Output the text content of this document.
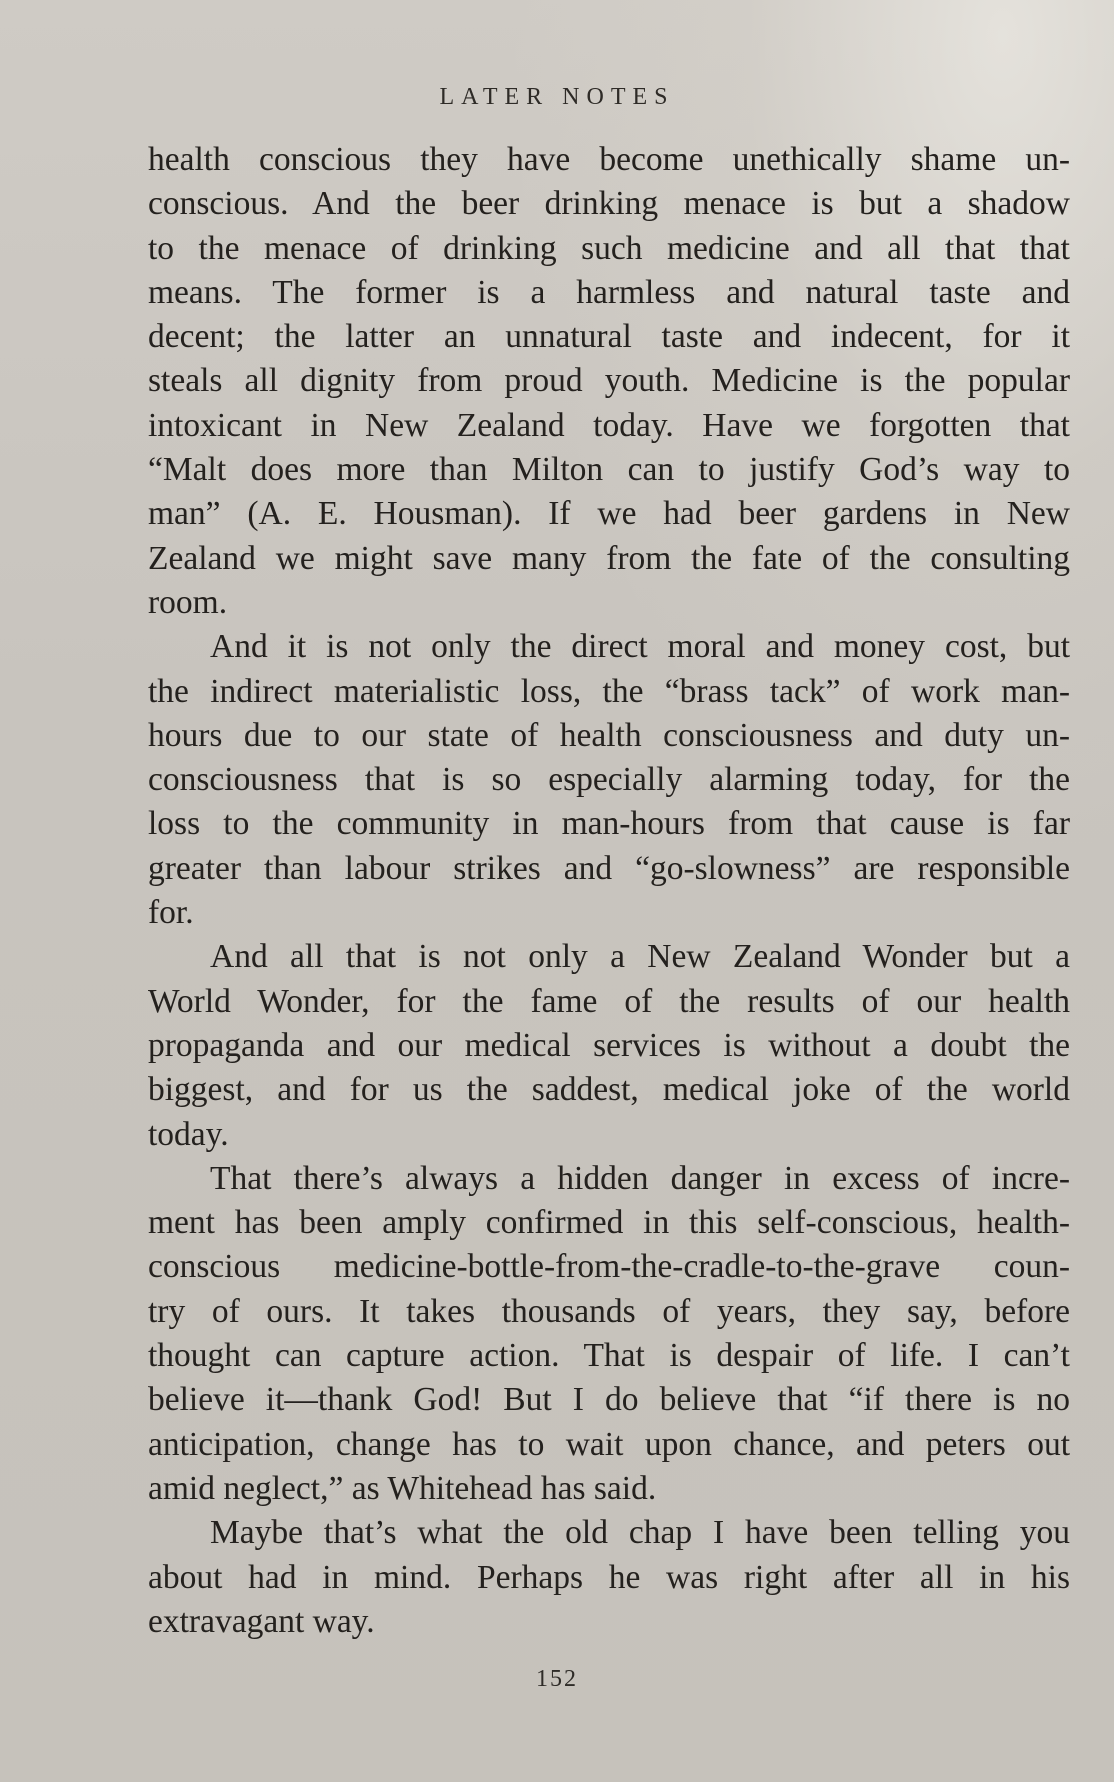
LATER NOTES
health conscious they have become unethically shame un-
conscious. And the beer drinking menace is but a shadow
to the menace of drinking such medicine and all that that
means. The former is a harmless and natural taste and
decent; the latter an unnatural taste and indecent, for it
steals all dignity from proud youth. Medicine is the popular
intoxicant in New Zealand today. Have we forgotten that
“Malt does more than Milton can to justify God’s way to
man” (A. E. Housman). If we had beer gardens in New
Zealand we might save many from the fate of the consulting
room.
And it is not only the direct moral and money cost, but
the indirect materialistic loss, the “brass tack” of work man-
hours due to our state of health consciousness and duty un-
consciousness that is so especially alarming today, for the
loss to the community in man-hours from that cause is far
greater than labour strikes and “go-slowness” are responsible
for.
And all that is not only a New Zealand Wonder but a
World Wonder, for the fame of the results of our health
propaganda and our medical services is without a doubt the
biggest, and for us the saddest, medical joke of the world
today.
That there’s always a hidden danger in excess of incre-
ment has been amply confirmed in this self-conscious, health-
conscious medicine-bottle-from-the-cradle-to-the-grave coun-
try of ours. It takes thousands of years, they say, before
thought can capture action. That is despair of life. I can’t
believe it—thank God! But I do believe that “if there is no
anticipation, change has to wait upon chance, and peters out
amid neglect,” as Whitehead has said.
Maybe that’s what the old chap I have been telling you
about had in mind. Perhaps he was right after all in his
extravagant way.
152
